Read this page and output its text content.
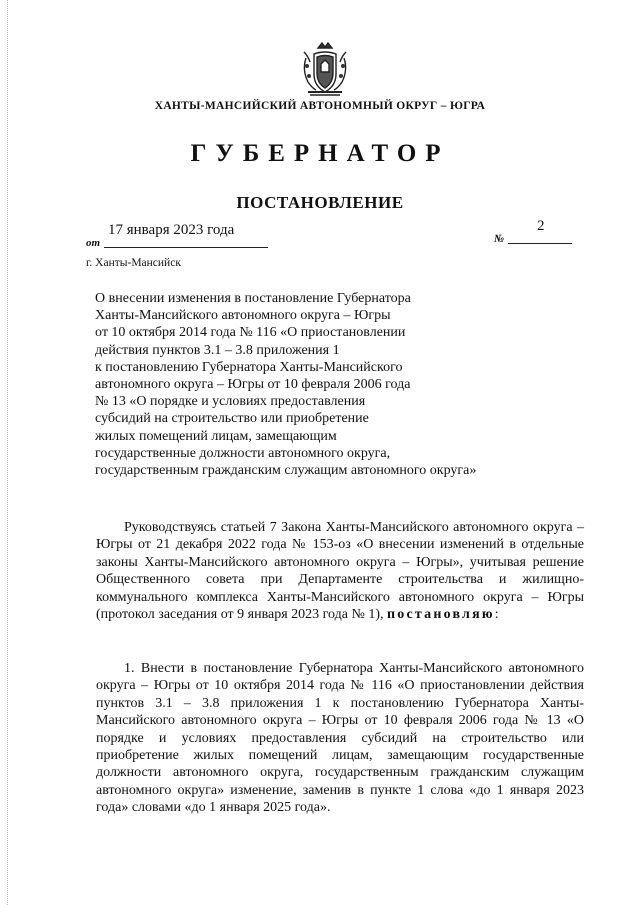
ХАНТЫ-МАНСИЙСКИЙ АВТОНОМНЫЙ ОКРУГ – ЮГРА
ГУБЕРНАТОР
ПОСТАНОВЛЕНИЕ
17 января 2023 года
от	№
2
г. Ханты-Мансийск
О внесении изменения в постановление Губернатора
Ханты-Мансийского автономного округа – Югры
от 10 октября 2014 года № 116 «О приостановлении
действия пунктов 3.1 – 3.8 приложения 1
к постановлению Губернатора Ханты-Мансийского
автономного округа – Югры от 10 февраля 2006 года
№ 13 «О порядке и условиях предоставления
субсидий на строительство или приобретение
жилых помещений лицам, замещающим
государственные должности автономного округа,
государственным гражданским служащим автономного округа»
Руководствуясь статьей 7 Закона Ханты-Мансийского автономного округа – Югры от 21 декабря 2022 года № 153-оз «О внесении изменений в отдельные законы Ханты-Мансийского автономного округа – Югры», учитывая решение Общественного совета при Департаменте строительства и жилищно-коммунального комплекса Ханты-Мансийского автономного округа – Югры (протокол заседания от 9 января 2023 года № 1), постановляю:
1. Внести в постановление Губернатора Ханты-Мансийского автономного округа – Югры от 10 октября 2014 года № 116 «О приостановлении действия пунктов 3.1 – 3.8 приложения 1 к постановлению Губернатора Ханты-Мансийского автономного округа – Югры от 10 февраля 2006 года № 13 «О порядке и условиях предоставления субсидий на строительство или приобретение жилых помещений лицам, замещающим государственные должности автономного округа, государственным гражданским служащим автономного округа» изменение, заменив в пункте 1 слова «до 1 января 2023 года» словами «до 1 января 2025 года».
